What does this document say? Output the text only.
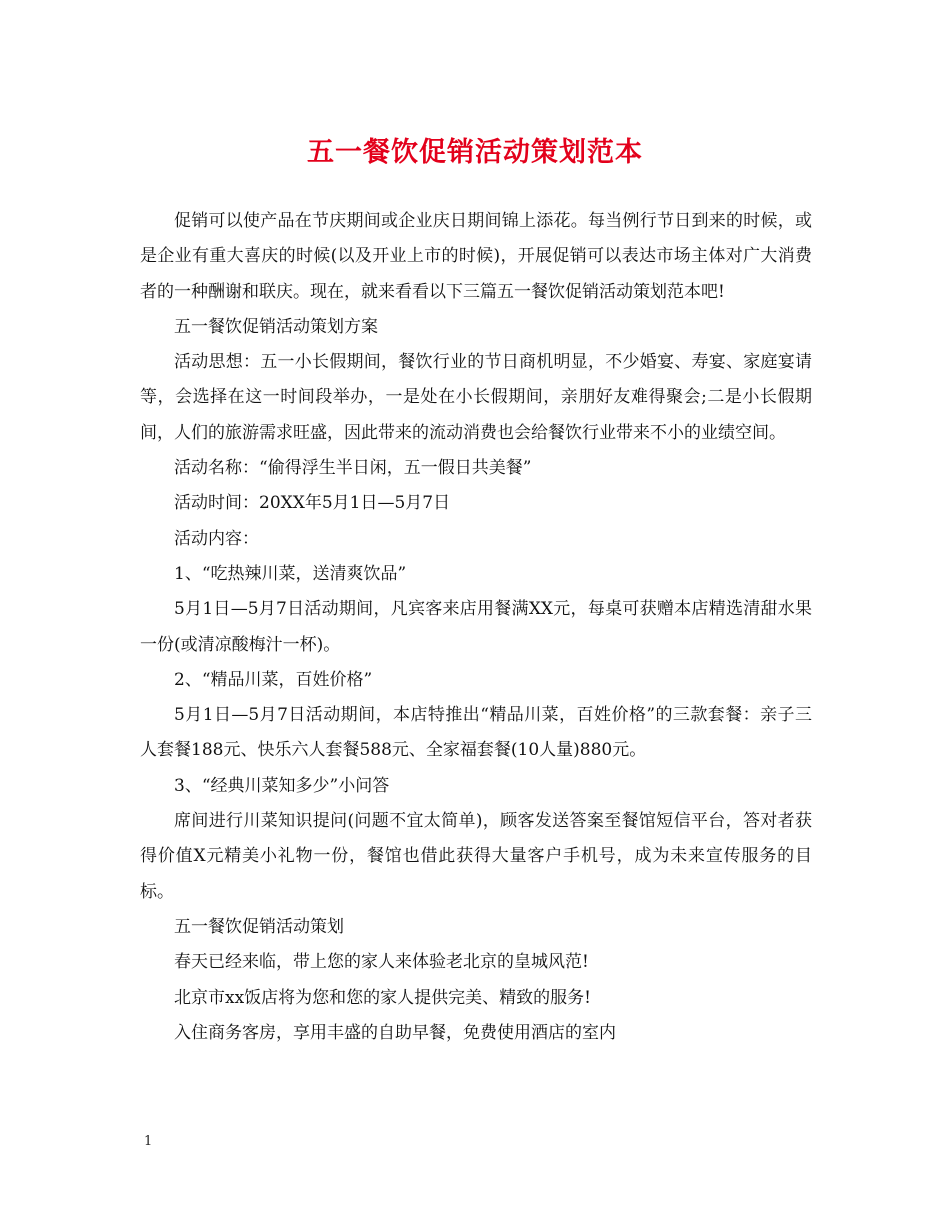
五一餐饮促销活动策划范本

促销可以使产品在节庆期间或企业庆日期间锦上添花。每当例行节日到来的时候，或是企业有重大喜庆的时候(以及开业上市的时候)，开展促销可以表达市场主体对广大消费者的一种酬谢和联庆。现在，就来看看以下三篇五一餐饮促销活动策划范本吧!

五一餐饮促销活动策划方案

活动思想：五一小长假期间，餐饮行业的节日商机明显，不少婚宴、寿宴、家庭宴请等，会选择在这一时间段举办，一是处在小长假期间，亲朋好友难得聚会;二是小长假期间，人们的旅游需求旺盛，因此带来的流动消费也会给餐饮行业带来不小的业绩空间。

活动名称：“偷得浮生半日闲，五一假日共美餐”

活动时间：20XX年5月1日—5月7日

活动内容：

1、“吃热辣川菜，送清爽饮品”

5月1日—5月7日活动期间，凡宾客来店用餐满XX元，每桌可获赠本店精选清甜水果一份(或清凉酸梅汁一杯)。

2、“精品川菜，百姓价格”

5月1日—5月7日活动期间，本店特推出“精品川菜，百姓价格”的三款套餐：亲子三人套餐188元、快乐六人套餐588元、全家福套餐(10人量)880元。

3、“经典川菜知多少”小问答

席间进行川菜知识提问(问题不宜太简单)，顾客发送答案至餐馆短信平台，答对者获得价值X元精美小礼物一份，餐馆也借此获得大量客户手机号，成为未来宣传服务的目标。

五一餐饮促销活动策划

春天已经来临，带上您的家人来体验老北京的皇城风范!

北京市xx饭店将为您和您的家人提供完美、精致的服务!

入住商务客房，享用丰盛的自助早餐，免费使用酒店的室内

1
